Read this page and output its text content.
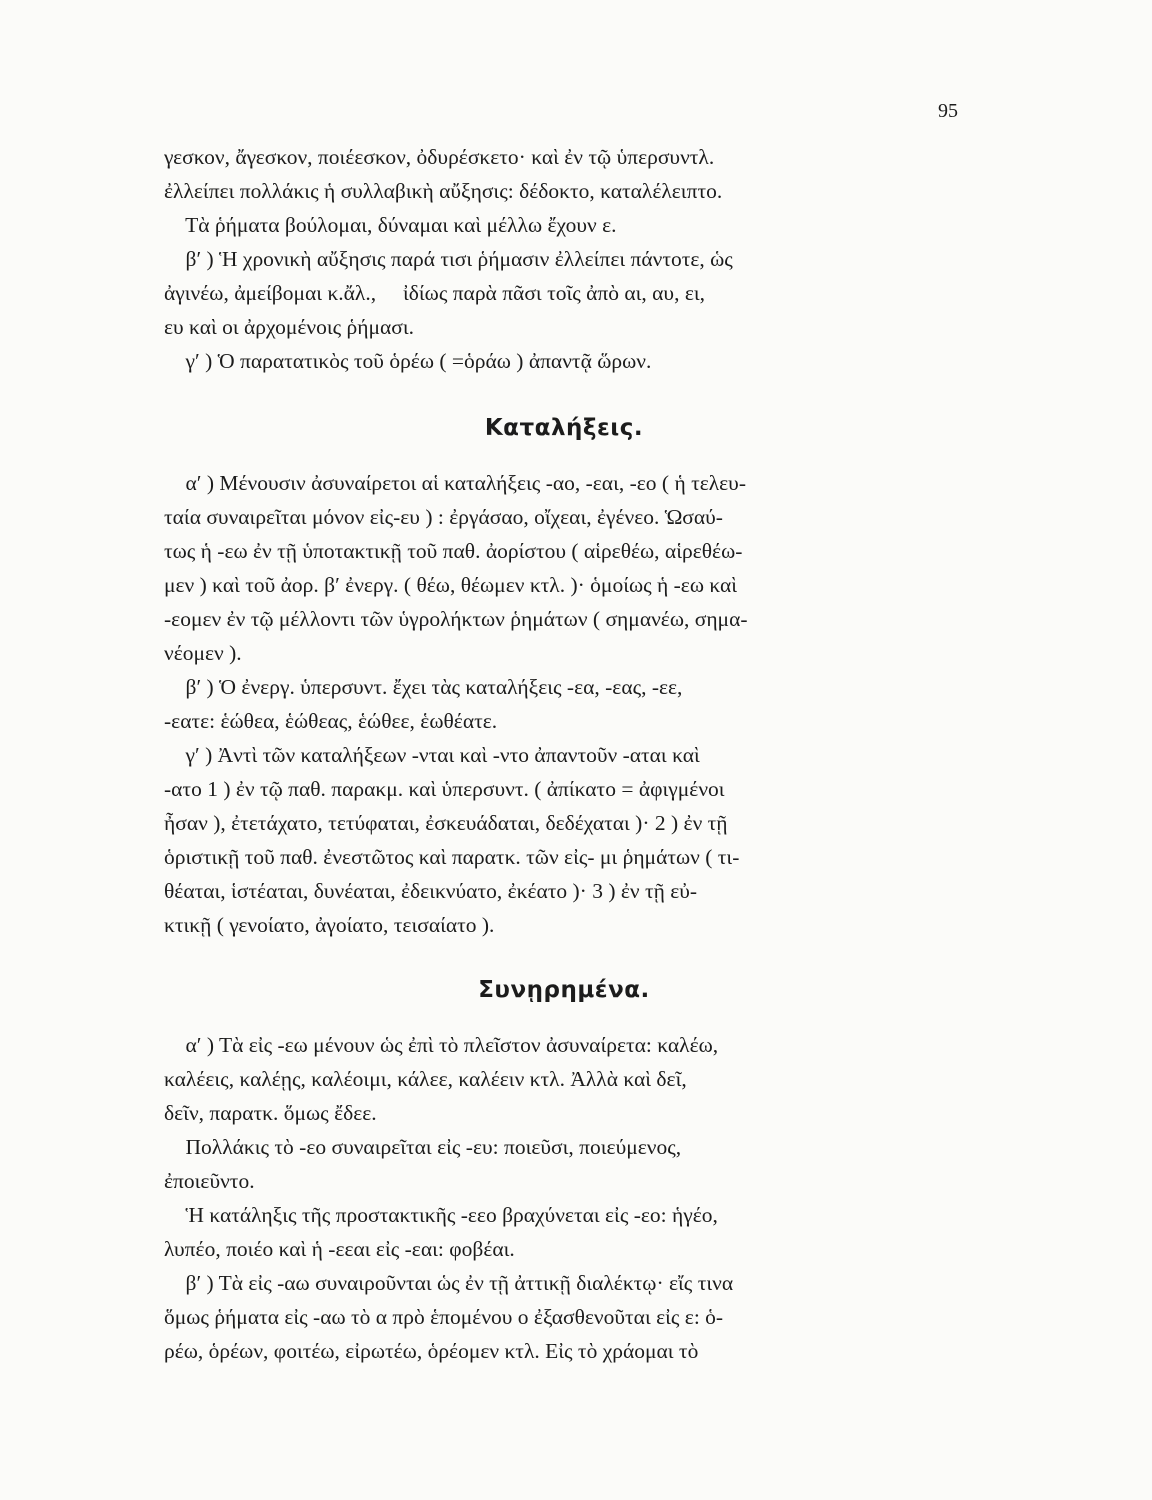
95
γεσκον, ἄγεσκον, ποιέεσκον, ὀδυρέσκετο· καὶ ἐν τῷ ὑπερσυντλ.
ἐλλείπει πολλάκις ἡ συλλαβικὴ αὔξησις: δέδοκτο, καταλέλειπτο.
Τὰ ῥήματα βούλομαι, δύναμαι καὶ μέλλω ἔχουν ε.
β′ ) Ἡ χρονικὴ αὔξησις παρά τισι ῥήμασιν ἐλλείπει πάντοτε, ὡς
ἀγινέω, ἀμείβομαι κ.ἄλ.,     ἰδίως παρὰ πᾶσι τοῖς ἀπὸ αι, αυ, ει,
ευ καὶ οι ἀρχομένοις ῥήμασι.
γ′ ) Ὁ παρατατικὸς τοῦ ὁρέω ( =ὁράω ) ἀπαντᾷ ὥρων.
Καταλήξεις.
α′ ) Μένουσιν ἀσυναίρετοι αἱ καταλήξεις -αο, -εαι, -εο ( ἡ τελευ-
ταία συναιρεῖται μόνον εἰς-ευ ) : ἐργάσαο, οἴχεαι, ἐγένεο. Ὡσαύ-
τως ἡ -εω ἐν τῇ ὑποτακτικῇ τοῦ παθ. ἀορίστου ( αἱρεθέω, αἱρεθέω-
μεν ) καὶ τοῦ ἀορ. β′ ἐνεργ. ( θέω, θέωμεν κτλ. )· ὁμοίως ἡ -εω καὶ
-εομεν ἐν τῷ μέλλοντι τῶν ὑγρολήκτων ῥημάτων ( σημανέω, σημα-
νέομεν ).
β′ ) Ὁ ἐνεργ. ὑπερσυντ. ἔχει τὰς καταλήξεις -εα, -εας, -εε,
-εατε: ἑώθεα, ἑώθεας, ἑώθεε, ἑωθέατε.
γ′ ) Ἀντὶ τῶν καταλήξεων -νται καὶ -ντο ἀπαντοῦν -αται καὶ
-ατο 1 ) ἐν τῷ παθ. παρακμ. καὶ ὑπερσυντ. ( ἀπίκατο = ἀφιγμένοι
ἦσαν ), ἐτετάχατο, τετύφαται, ἐσκευάδαται, δεδέχαται )· 2 ) ἐν τῇ
ὁριστικῇ τοῦ παθ. ἐνεστῶτος καὶ παρατκ. τῶν εἰς- μι ῥημάτων ( τι-
θέαται, ἱστέαται, δυνέαται, ἐδεικνύατο, ἐκέατο )· 3 ) ἐν τῇ εὐ-
κτικῇ ( γενοίατο, ἀγοίατο, τεισαίατο ).
Συνῃρημένα.
α′ ) Τὰ εἰς -εω μένουν ὡς ἐπὶ τὸ πλεῖστον ἀσυναίρετα: καλέω,
καλέεις, καλέῃς, καλέοιμι, κάλεε, καλέειν κτλ. Ἀλλὰ καὶ δεῖ,
δεῖν, παρατκ. ὅμως ἔδεε.
Πολλάκις τὸ -εο συναιρεῖται εἰς -ευ: ποιεῦσι, ποιεύμενος,
ἐποιεῦντο.
Ἡ κατάληξις τῆς προστακτικῆς -εεο βραχύνεται εἰς -εο: ἡγέο,
λυπέο, ποιέο καὶ ἡ -εεαι εἰς -εαι: φοβέαι.
β′ ) Τὰ εἰς -αω συναιροῦνται ὡς ἐν τῇ ἀττικῇ διαλέκτῳ· εἴς τινα
ὅμως ῥήματα εἰς -αω τὸ α πρὸ ἑπομένου ο ἐξασθενοῦται εἰς ε: ὁ-
ρέω, ὁρέων, φοιτέω, εἰρωτέω, ὁρέομεν κτλ. Εἰς τὸ χράομαι τὸ
